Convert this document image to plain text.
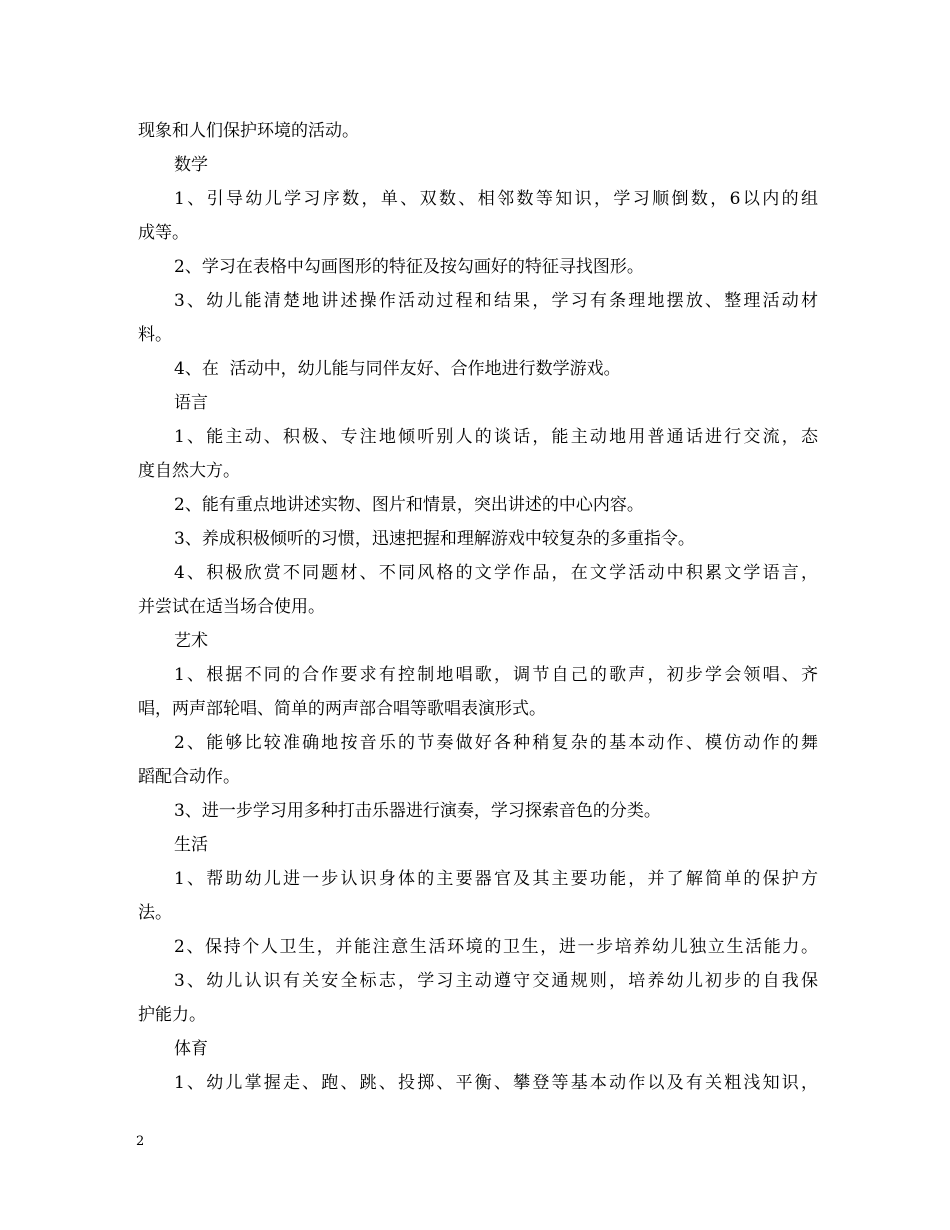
现象和人们保护环境的活动。

数学

1、引导幼儿学习序数，单、双数、相邻数等知识，学习顺倒数，6以内的组

成等。

2、学习在表格中勾画图形的特征及按勾画好的特征寻找图形。

3、幼儿能清楚地讲述操作活动过程和结果，学习有条理地摆放、整理活动材

料。

4、在  活动中，幼儿能与同伴友好、合作地进行数学游戏。

语言

1、能主动、积极、专注地倾听别人的谈话，能主动地用普通话进行交流，态

度自然大方。

2、能有重点地讲述实物、图片和情景，突出讲述的中心内容。

3、养成积极倾听的习惯，迅速把握和理解游戏中较复杂的多重指令。

4、积极欣赏不同题材、不同风格的文学作品，在文学活动中积累文学语言，

并尝试在适当场合使用。

艺术

1、根据不同的合作要求有控制地唱歌，调节自己的歌声，初步学会领唱、齐

唱，两声部轮唱、简单的两声部合唱等歌唱表演形式。

2、能够比较准确地按音乐的节奏做好各种稍复杂的基本动作、模仿动作的舞

蹈配合动作。

3、进一步学习用多种打击乐器进行演奏，学习探索音色的分类。

生活

1、帮助幼儿进一步认识身体的主要器官及其主要功能，并了解简单的保护方

法。

2、保持个人卫生，并能注意生活环境的卫生，进一步培养幼儿独立生活能力。

3、幼儿认识有关安全标志，学习主动遵守交通规则，培养幼儿初步的自我保

护能力。

体育

1、幼儿掌握走、跑、跳、投掷、平衡、攀登等基本动作以及有关粗浅知识，

2
